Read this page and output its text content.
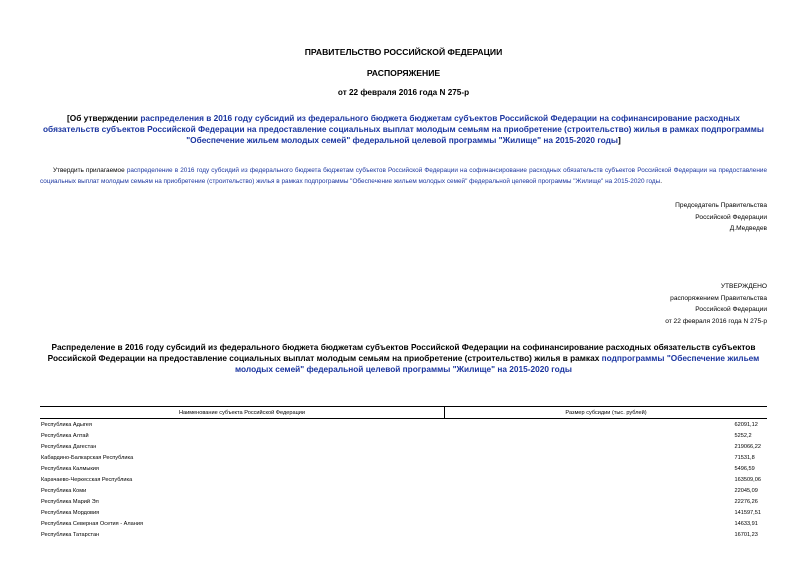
ПРАВИТЕЛЬСТВО РОССИЙСКОЙ ФЕДЕРАЦИИ
РАСПОРЯЖЕНИЕ
от 22 февраля 2016 года N 275-р
[Об утверждении распределения в 2016 году субсидий из федерального бюджета бюджетам субъектов Российской Федерации на софинансирование расходных обязательств субъектов Российской Федерации на предоставление социальных выплат молодым семьям на приобретение (строительство) жилья в рамках подпрограммы "Обеспечение жильем молодых семей" федеральной целевой программы "Жилище" на 2015-2020 годы]
Утвердить прилагаемое распределение в 2016 году субсидий из федерального бюджета бюджетам субъектов Российской Федерации на софинансирование расходных обязательств субъектов Российской Федерации на предоставление социальных выплат молодым семьям на приобретение (строительство) жилья в рамках подпрограммы "Обеспечение жильем молодых семей" федеральной целевой программы "Жилище" на 2015-2020 годы.
Председатель Правительства
Российской Федерации
Д.Медведев
УТВЕРЖДЕНО
распоряжением Правительства
Российской Федерации
от 22 февраля 2016 года N 275-р
Распределение в 2016 году субсидий из федерального бюджета бюджетам субъектов Российской Федерации на софинансирование расходных обязательств субъектов Российской Федерации на предоставление социальных выплат молодым семьям на приобретение (строительство) жилья в рамках подпрограммы "Обеспечение жильем молодых семей" федеральной целевой программы "Жилище" на 2015-2020 годы
Наименование субъекта Российской Федерации	Размер субсидии (тыс. рублей)
Республика Адыгея	62091,12
Республика Алтай	5252,2
Республика Дагестан	219066,22
Кабардино-Балкарская Республика	71531,8
Республика Калмыкия	5496,59
Карачаево-Черкесская Республика	163509,06
Республика Коми	22045,09
Республика Марий Эл	22276,26
Республика Мордовия	141597,51
Республика Северная Осетия - Алания	14633,91
Республика Татарстан	16701,23
